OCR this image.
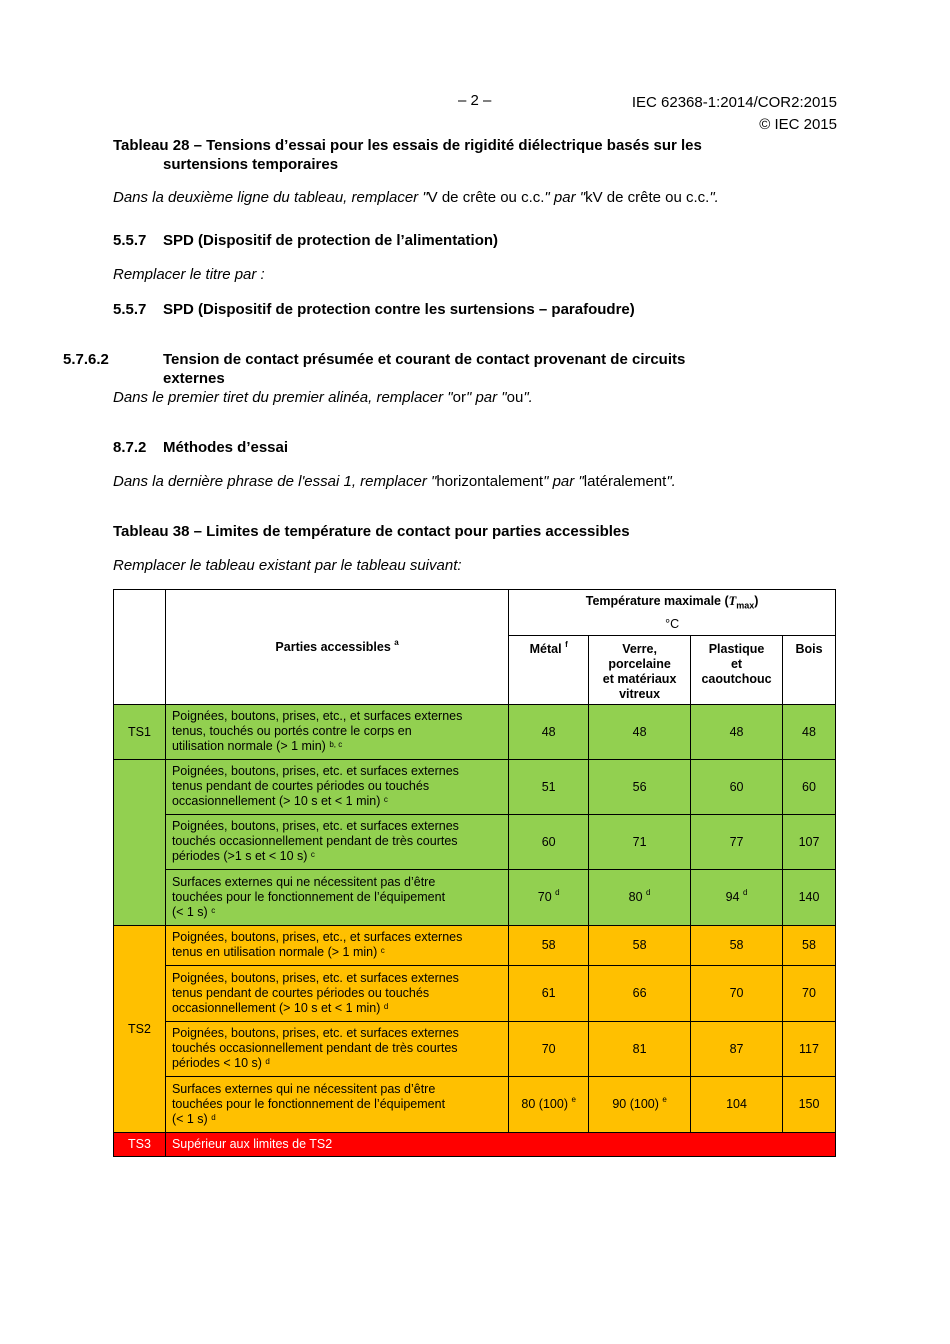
– 2 –	IEC 62368-1:2014/COR2:2015
© IEC 2015
Tableau 28 – Tensions d’essai pour les essais de rigidité diélectrique basés sur les
surtensions temporaires
Dans la deuxième ligne du tableau, remplacer "V de crête ou c.c." par "kV de crête ou c.c.".
5.5.7 SPD (Dispositif de protection de l’alimentation)
Remplacer le titre par :
5.5.7 SPD (Dispositif de protection contre les surtensions – parafoudre)
5.7.6.2	Tension de contact présumée et courant de contact provenant de circuits
externes
Dans le premier tiret du premier alinéa, remplacer "or" par "ou".
8.7.2 Méthodes d’essai
Dans la dernière phrase de l'essai 1, remplacer "horizontalement" par "latéralement".
Tableau 38 – Limites de température de contact pour parties accessibles
Remplacer le tableau existant par le tableau suivant:
	Parties accessibles $^a$	Température maximale $(T_{max})$
°C			
		Métal $^f$	Verre,
porcelaine
et matériaux
vitreux	Plastique
et
caoutchouc	Bois
TS1	Poignées, boutons, prises, etc., et surfaces externes
tenus, touchés ou portés contre le corps en
utilisation normale (> 1 min) $^{b, c}$	48	48	48	48
	Poignées, boutons, prises, etc. et surfaces externes
tenus pendant de courtes périodes ou touchés
occasionnellement (> 10 s et < 1 min) $^c$	51	56	60	60
	Poignées, boutons, prises, etc. et surfaces externes
touchés occasionnellement pendant de très courtes
périodes (>1 s et < 10 s) $^c$	60	71	77	107
	Surfaces externes qui ne nécessitent pas d’être
touchées pour le fonctionnement de l’équipement
(< 1 s) $^c$	70 $^d$	80 $^d$	94 $^d$	140
TS2	Poignées, boutons, prises, etc., et surfaces externes
tenus en utilisation normale (> 1 min) $^c$	58	58	58	58
	Poignées, boutons, prises, etc. et surfaces externes
tenus pendant de courtes périodes ou touchés
occasionnellement (> 10 s et < 1 min) $^d$	61	66	70	70
	Poignées, boutons, prises, etc. et surfaces externes
touchés occasionnellement pendant de très courtes
périodes < 10 s) $^d$	70	81	87	117
	Surfaces externes qui ne nécessitent pas d’être
touchées pour le fonctionnement de l’équipement
(< 1 s) $^d$	80 (100) $^e$	90 (100) $^e$	104	150
TS3	Supérieur aux limites de TS2				
